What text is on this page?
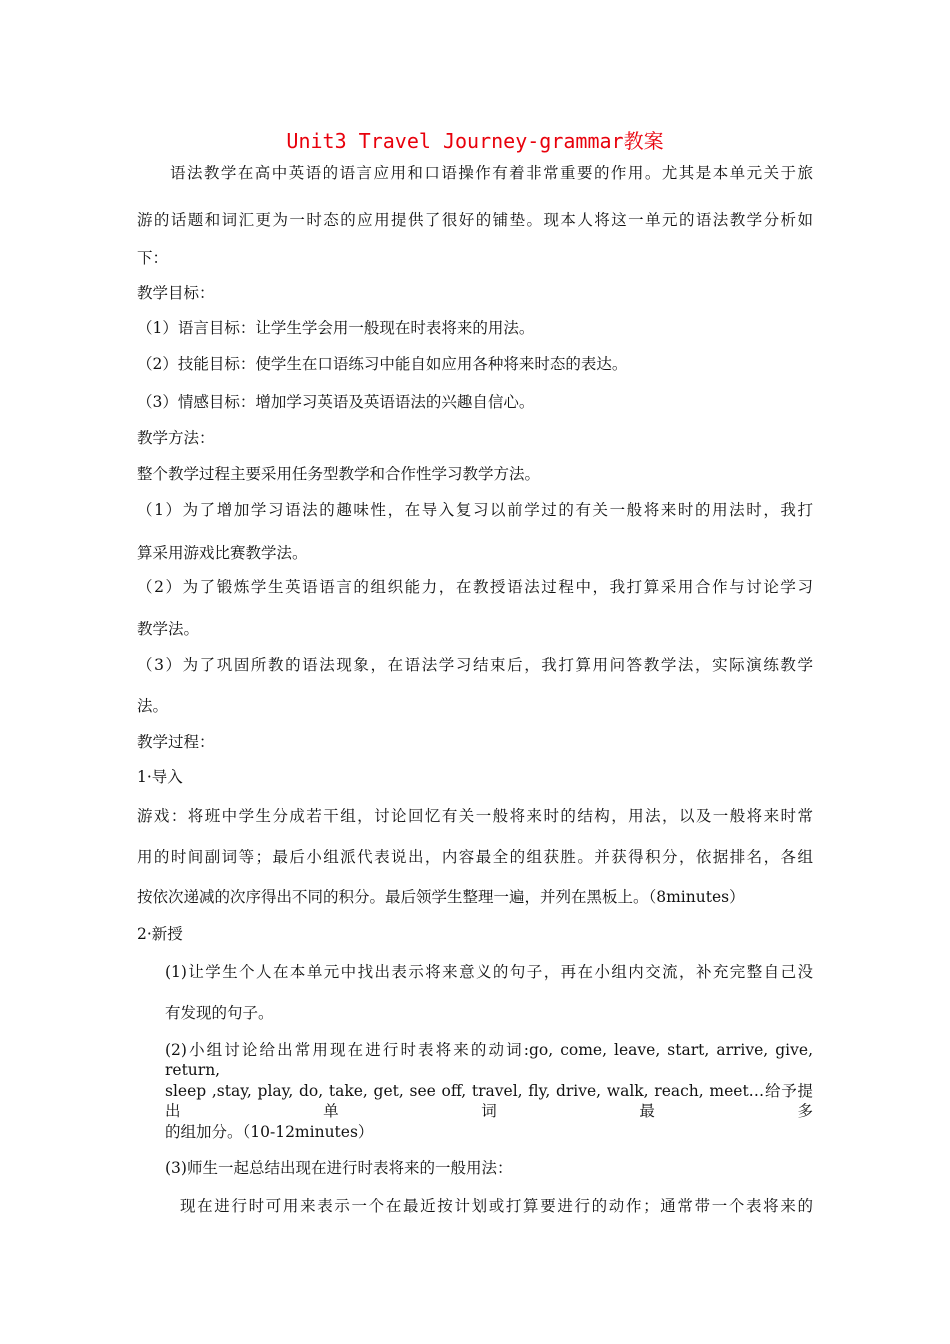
Unit3 Travel Journey-grammar教案
语法教学在高中英语的语言应用和口语操作有着非常重要的作用。尤其是本单元关于旅
游的话题和词汇更为一时态的应用提供了很好的铺垫。现本人将这一单元的语法教学分析如
下：
教学目标：
（1）语言目标：让学生学会用一般现在时表将来的用法。
（2）技能目标：使学生在口语练习中能自如应用各种将来时态的表达。
（3）情感目标：增加学习英语及英语语法的兴趣自信心。
教学方法：
整个教学过程主要采用任务型教学和合作性学习教学方法。
（1）为了增加学习语法的趣味性，在导入复习以前学过的有关一般将来时的用法时，我打
算采用游戏比赛教学法。
（2）为了锻炼学生英语语言的组织能力，在教授语法过程中，我打算采用合作与讨论学习
教学法。
（3）为了巩固所教的语法现象，在语法学习结束后，我打算用问答教学法，实际演练教学
法。
教学过程：
1·导入
游戏：将班中学生分成若干组，讨论回忆有关一般将来时的结构，用法，以及一般将来时常
用的时间副词等；最后小组派代表说出，内容最全的组获胜。并获得积分，依据排名，各组
按依次递减的次序得出不同的积分。最后领学生整理一遍，并列在黑板上。（8minutes）
2·新授
(1)让学生个人在本单元中找出表示将来意义的句子，再在小组内交流，补充完整自己没
有发现的句子。
(2)小组讨论给出常用现在进行时表将来的动词:go, come, leave, start, arrive, give, return,
sleep ,stay, play, do, take, get, see off, travel, fly, drive, walk, reach, meet…给予提出单词最多
的组加分。（10-12minutes）
(3)师生一起总结出现在进行时表将来的一般用法：
现在进行时可用来表示一个在最近按计划或打算要进行的动作；通常带一个表将来的
